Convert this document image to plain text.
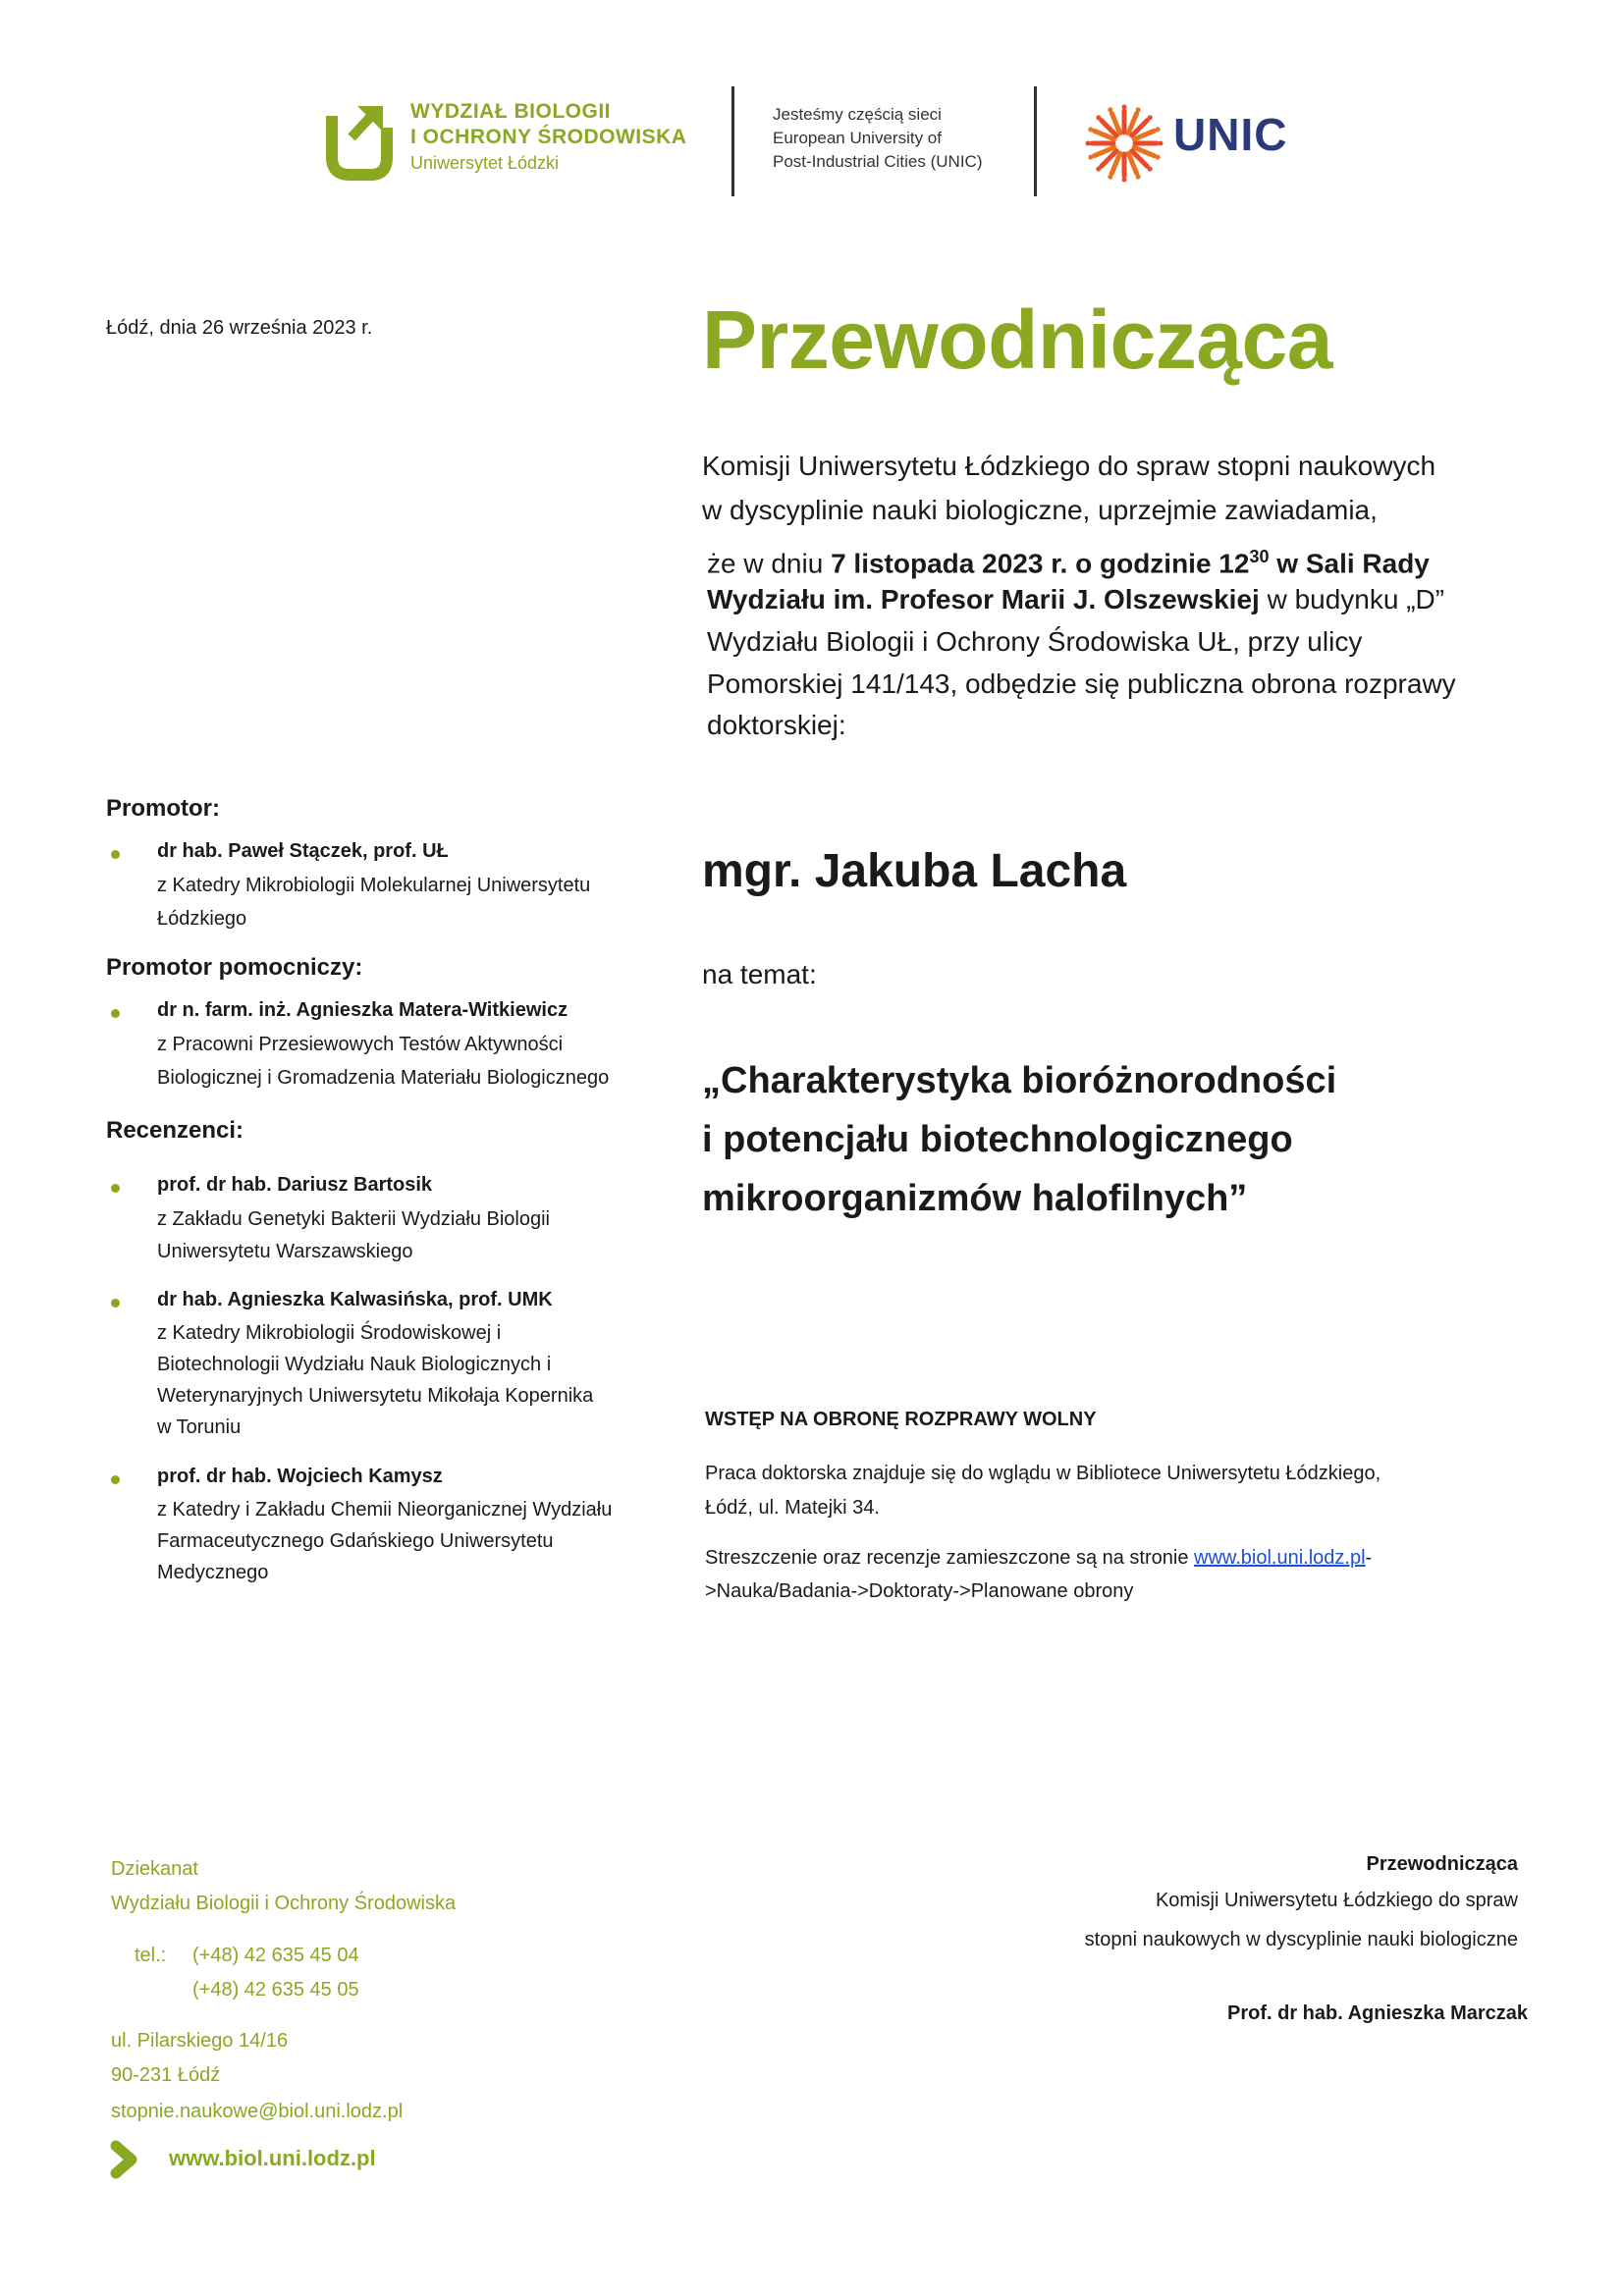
WYDZIAŁ BIOLOGII
I OCHRONY ŚRODOWISKA
Uniwersytet Łódzki
Jesteśmy częścią sieci
European University of
Post-Industrial Cities (UNIC)
UNIC
Łódź, dnia 26 września 2023 r.	Przewodnicząca
Komisji Uniwersytetu Łódzkiego do spraw stopni naukowych
w dyscyplinie nauki biologiczne, uprzejmie zawiadamia,
że w dniu 7 listopada 2023 r. o godzinie $12^{30}$ w Sali Rady
Wydziału im. Profesor Marii J. Olszewskiej w budynku „D”
Wydziału Biologii i Ochrony Środowiska UŁ, przy ulicy
Pomorskiej 141/143, odbędzie się publiczna obrona rozprawy
doktorskiej:
Promotor:
dr hab. Paweł Stączek, prof. UŁ
z Katedry Mikrobiologii Molekularnej Uniwersytetu
Łódzkiego
Promotor pomocniczy:
dr n. farm. inż. Agnieszka Matera-Witkiewicz
z Pracowni Przesiewowych Testów Aktywności
Biologicznej i Gromadzenia Materiału Biologicznego
Recenzenci:
prof. dr hab. Dariusz Bartosik
z Zakładu Genetyki Bakterii Wydziału Biologii
Uniwersytetu Warszawskiego
dr hab. Agnieszka Kalwasińska, prof. UMK
z Katedry Mikrobiologii Środowiskowej i
Biotechnologii Wydziału Nauk Biologicznych i
Weterynaryjnych Uniwersytetu Mikołaja Kopernika
w Toruniu
prof. dr hab. Wojciech Kamysz
z Katedry i Zakładu Chemii Nieorganicznej Wydziału
Farmaceutycznego Gdańskiego Uniwersytetu
Medycznego
mgr. Jakuba Lacha
na temat:
„Charakterystyka bioróżnorodności
i potencjału biotechnologicznego
mikroorganizmów halofilnych”
WSTĘP NA OBRONĘ ROZPRAWY WOLNY
Praca doktorska znajduje się do wglądu w Bibliotece Uniwersytetu Łódzkiego,
Łódź, ul. Matejki 34.
Streszczenie oraz recenzje zamieszczone są na stronie www.biol.uni.lodz.pl-
>Nauka/Badania->Doktoraty->Planowane obrony
Dziekanat
Wydziału Biologii i Ochrony Środowiska
tel.: (+48) 42 635 45 04
(+48) 42 635 45 05
ul. Pilarskiego 14/16
90-231 Łódź
stopnie.naukowe@biol.uni.lodz.pl
www.biol.uni.lodz.pl
Przewodnicząca
Komisji Uniwersytetu Łódzkiego do spraw
stopni naukowych w dyscyplinie nauki biologiczne
Prof. dr hab. Agnieszka Marczak
